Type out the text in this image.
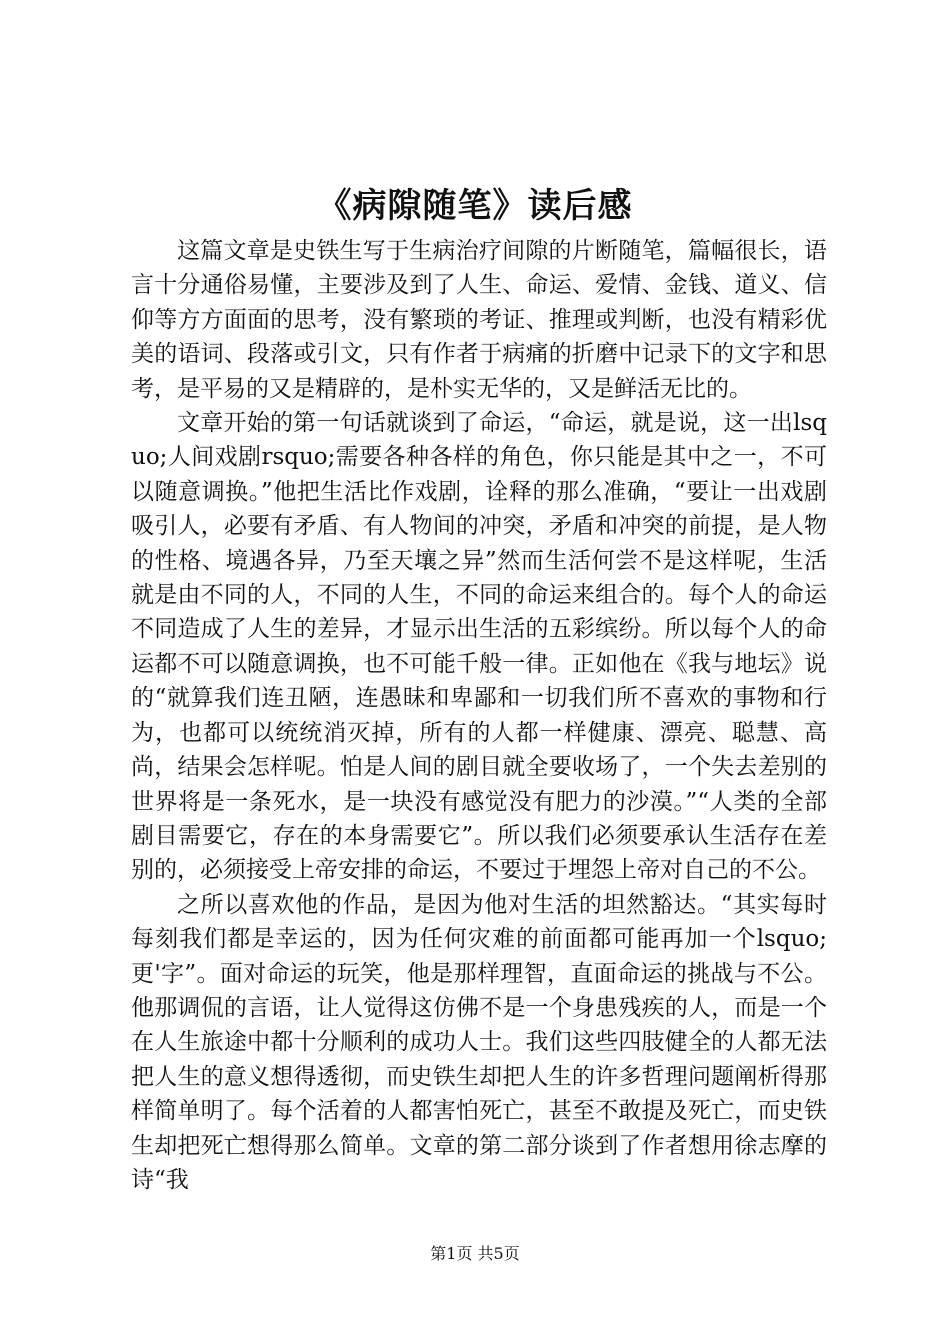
《病隙随笔》读后感

这篇文章是史铁生写于生病治疗间隙的片断随笔，篇幅很长，语言十分通俗易懂，主要涉及到了人生、命运、爱情、金钱、道义、信仰等方方面面的思考，没有繁琐的考证、推理或判断，也没有精彩优美的语词、段落或引文，只有作者于病痛的折磨中记录下的文字和思考，是平易的又是精辟的，是朴实无华的，又是鲜活无比的。

文章开始的第一句话就谈到了命运，“命运，就是说，这一出lsquo;人间戏剧rsquo;需要各种各样的角色，你只能是其中之一，不可以随意调换。”他把生活比作戏剧，诠释的那么准确，“要让一出戏剧吸引人，必要有矛盾、有人物间的冲突，矛盾和冲突的前提，是人物的性格、境遇各异，乃至天壤之异”然而生活何尝不是这样呢，生活就是由不同的人，不同的人生，不同的命运来组合的。每个人的命运不同造成了人生的差异，才显示出生活的五彩缤纷。所以每个人的命运都不可以随意调换，也不可能千般一律。正如他在《我与地坛》说的“就算我们连丑陋，连愚昧和卑鄙和一切我们所不喜欢的事物和行为，也都可以统统消灭掉，所有的人都一样健康、漂亮、聪慧、高尚，结果会怎样呢。怕是人间的剧目就全要收场了，一个失去差别的世界将是一条死水，是一块没有感觉没有肥力的沙漠。”“人类的全部剧目需要它，存在的本身需要它”。所以我们必须要承认生活存在差别的，必须接受上帝安排的命运，不要过于埋怨上帝对自己的不公。

之所以喜欢他的作品，是因为他对生活的坦然豁达。“其实每时每刻我们都是幸运的，因为任何灾难的前面都可能再加一个lsquo;更'字”。面对命运的玩笑，他是那样理智，直面命运的挑战与不公。他那调侃的言语，让人觉得这仿佛不是一个身患残疾的人，而是一个在人生旅途中都十分顺利的成功人士。我们这些四肢健全的人都无法把人生的意义想得透彻，而史铁生却把人生的许多哲理问题阐析得那样简单明了。每个活着的人都害怕死亡，甚至不敢提及死亡，而史铁生却把死亡想得那么简单。文章的第二部分谈到了作者想用徐志摩的诗“我

第1页 共5页
